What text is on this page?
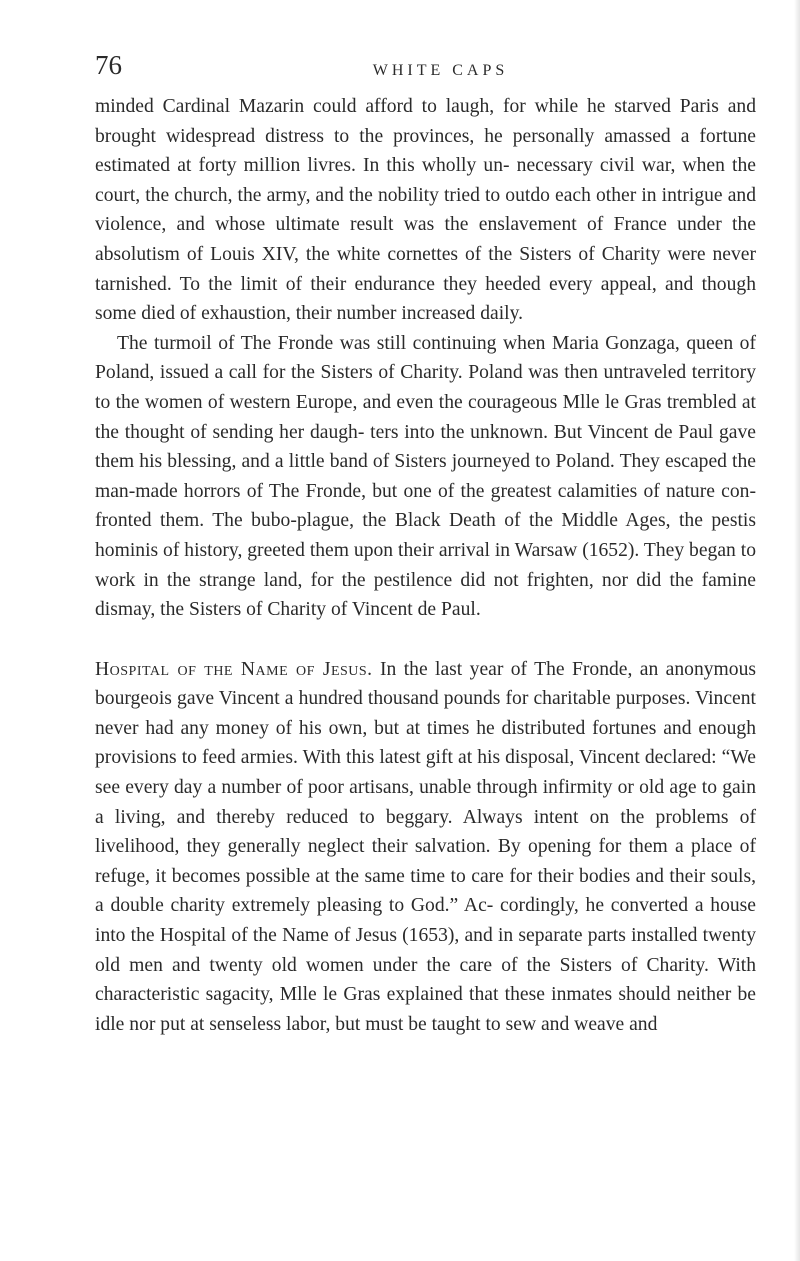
76	WHITE CAPS

minded Cardinal Mazarin could afford to laugh, for while he starved Paris and brought widespread distress to the provinces, he personally amassed a fortune estimated at forty million livres. In this wholly un- necessary civil war, when the court, the church, the army, and the nobility tried to outdo each other in intrigue and violence, and whose ultimate result was the enslavement of France under the absolutism of Louis XIV, the white cornettes of the Sisters of Charity were never tarnished. To the limit of their endurance they heeded every appeal, and though some died of exhaustion, their number increased daily.

The turmoil of The Fronde was still continuing when Maria Gonzaga, queen of Poland, issued a call for the Sisters of Charity. Poland was then untraveled territory to the women of western Europe, and even the courageous Mlle le Gras trembled at the thought of sending her daugh- ters into the unknown. But Vincent de Paul gave them his blessing, and a little band of Sisters journeyed to Poland. They escaped the man-made horrors of The Fronde, but one of the greatest calamities of nature con- fronted them. The bubo-plague, the Black Death of the Middle Ages, the pestis hominis of history, greeted them upon their arrival in Warsaw (1652). They began to work in the strange land, for the pestilence did not frighten, nor did the famine dismay, the Sisters of Charity of Vincent de Paul.

Hospital of the Name of Jesus. In the last year of The Fronde, an anonymous bourgeois gave Vincent a hundred thousand pounds for charitable purposes. Vincent never had any money of his own, but at times he distributed fortunes and enough provisions to feed armies. With this latest gift at his disposal, Vincent declared: “We see every day a number of poor artisans, unable through infirmity or old age to gain a living, and thereby reduced to beggary. Always intent on the problems of livelihood, they generally neglect their salvation. By opening for them a place of refuge, it becomes possible at the same time to care for their bodies and their souls, a double charity extremely pleasing to God.” Ac- cordingly, he converted a house into the Hospital of the Name of Jesus (1653), and in separate parts installed twenty old men and twenty old women under the care of the Sisters of Charity. With characteristic sagacity, Mlle le Gras explained that these inmates should neither be idle nor put at senseless labor, but must be taught to sew and weave and
